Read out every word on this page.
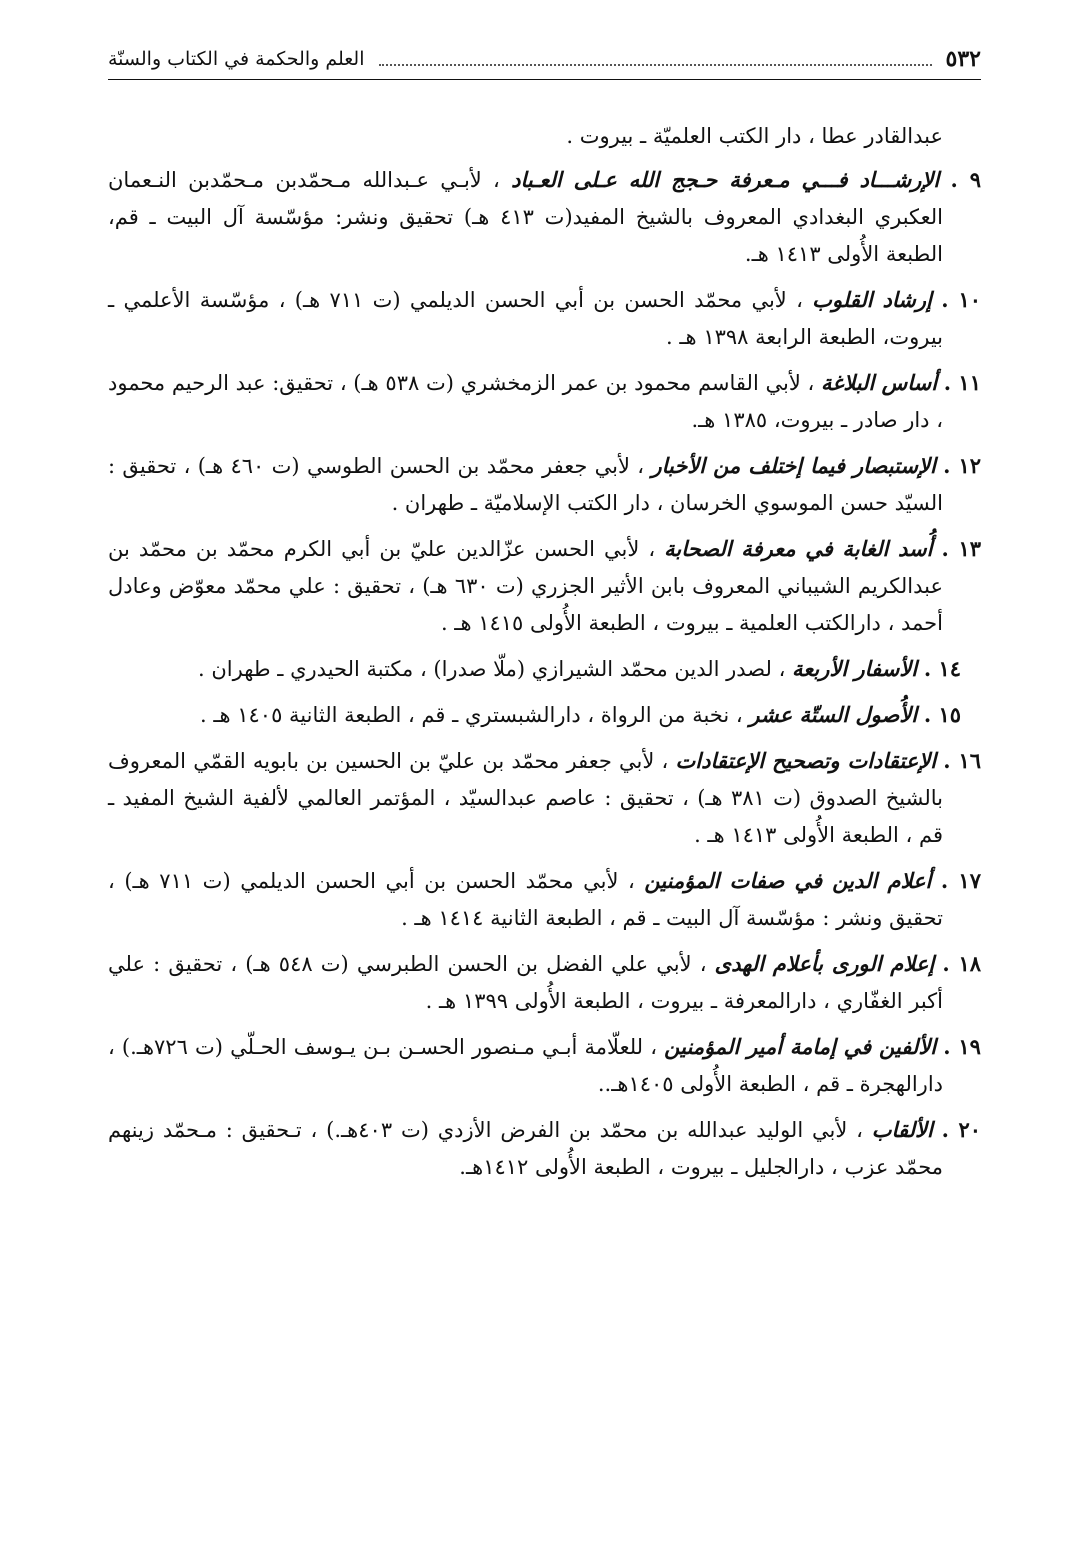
٥٣٢
العلم والحكمة في الكتاب والسنّة

عبدالقادر عطا ، دار الكتب العلميّة ـ بيروت .

٩ . الإرشـــاد فـــي مـعرفة حـجج الله عـلى العـباد ، لأبـي عـبدالله مـحمّدبن مـحمّدبن النـعمان العكبري البغدادي المعروف بالشيخ المفيد(ت ٤١٣ هـ) تحقيق ونشر: مؤسّسة آل البيت ـ قم، الطبعة الأُولى ١٤١٣ هـ.

١٠ . إرشاد القلوب ، لأبي محمّد الحسن بن أبي الحسن الديلمي (ت ٧١١ هـ) ، مؤسّسة الأعلمي ـ بيروت، الطبعة الرابعة ١٣٩٨ هـ .

١١ . أساس البلاغة ، لأبي القاسم محمود بن عمر الزمخشري (ت ٥٣٨ هـ) ، تحقيق: عبد الرحيم محمود ، دار صادر ـ بيروت، ١٣٨٥ هـ.

١٢ . الإستبصار فيما إختلف من الأخبار ، لأبي جعفر محمّد بن الحسن الطوسي (ت ٤٦٠ هـ) ، تحقيق : السيّد حسن الموسوي الخرسان ، دار الكتب الإسلاميّة ـ طهران .

١٣ . أُسد الغابة في معرفة الصحابة ، لأبي الحسن عزّالدين عليّ بن أبي الكرم محمّد بن محمّد بن عبدالكريم الشيباني المعروف بابن الأثير الجزري (ت ٦٣٠ هـ) ، تحقيق : علي محمّد معوّض وعادل أحمد ، دارالكتب العلمية ـ بيروت ، الطبعة الأُولى ١٤١٥ هـ .

١٤ . الأسفار الأربعة ، لصدر الدين محمّد الشيرازي (ملّا صدرا) ، مكتبة الحيدري ـ طهران .

١٥ . الأُصول الستّة عشر ، نخبة من الرواة ، دارالشبستري ـ قم ، الطبعة الثانية ١٤٠٥ هـ .

١٦ . الإعتقادات وتصحيح الإعتقادات ، لأبي جعفر محمّد بن عليّ بن الحسين بن بابويه القمّي المعروف بالشيخ الصدوق (ت ٣٨١ هـ) ، تحقيق : عاصم عبدالسيّد ، المؤتمر العالمي لألفية الشيخ المفيد ـ قم ، الطبعة الأُولى ١٤١٣ هـ .

١٧ . أعلام الدين في صفات المؤمنين ، لأبي محمّد الحسن بن أبي الحسن الديلمي (ت ٧١١ هـ) ، تحقيق ونشر : مؤسّسة آل البيت ـ قم ، الطبعة الثانية ١٤١٤ هـ .

١٨ . إعلام الورى بأعلام الهدى ، لأبي علي الفضل بن الحسن الطبرسي (ت ٥٤٨ هـ) ، تحقيق : علي أكبر الغفّاري ، دارالمعرفة ـ بيروت ، الطبعة الأُولى ١٣٩٩ هـ .

١٩ . الألفين في إمامة أمير المؤمنين ، للعلّامة أبـي مـنصور الحسـن بـن يـوسف الحـلّي (ت ٧٢٦هـ.) ، دارالهجرة ـ قم ، الطبعة الأُولى ١٤٠٥هـ..

٢٠ . الألقاب ، لأبي الوليد عبدالله بن محمّد بن الفرض الأزدي (ت ٤٠٣هـ.) ، تـحقيق : مـحمّد زينهم محمّد عزب ، دارالجليل ـ بيروت ، الطبعة الأُولى ١٤١٢هـ.
